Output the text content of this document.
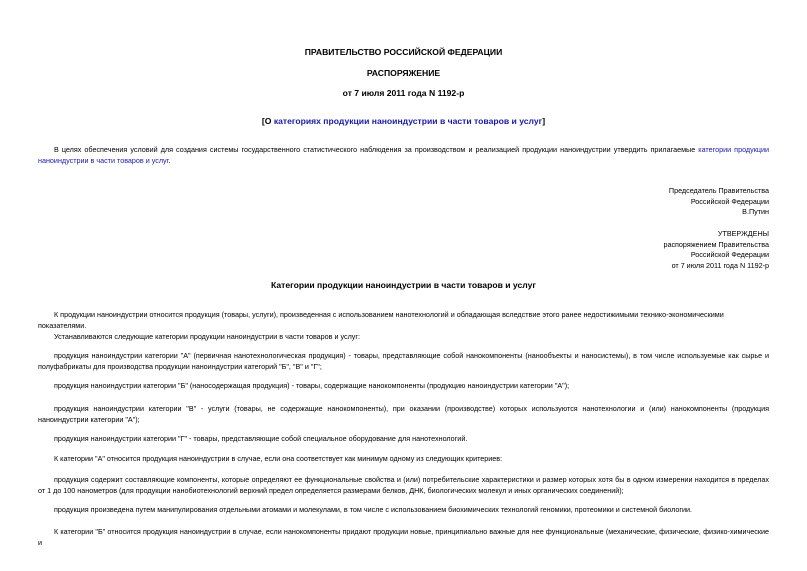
ПРАВИТЕЛЬСТВО РОССИЙСКОЙ ФЕДЕРАЦИИ
РАСПОРЯЖЕНИЕ
от 7 июля 2011 года N 1192-р
[О категориях продукции наноиндустрии в части товаров и услуг]
В целях обеспечения условий для создания системы государственного статистического наблюдения за производством и реализацией продукции наноиндустрии утвердить прилагаемые категории продукции наноиндустрии в части товаров и услуг.
Председатель Правительства
Российской Федерации
В.Путин
УТВЕРЖДЕНЫ
распоряжением Правительства
Российской Федерации
от 7 июля 2011 года N 1192-р
Категории продукции наноиндустрии в части товаров и услуг
К продукции наноиндустрии относится продукция (товары, услуги), произведенная с использованием нанотехнологий и обладающая вследствие этого ранее недостижимыми технико-экономическими показателями.
Устанавливаются следующие категории продукции наноиндустрии в части товаров и услуг:
продукция наноиндустрии категории "А" (первичная нанотехнологическая продукция) - товары, представляющие собой нанокомпоненты (нанообъекты и наносистемы), в том числе используемые как сырье и полуфабрикаты для производства продукции наноиндустрии категорий "Б", "В" и "Г";
продукция наноиндустрии категории "Б" (наносодержащая продукция) - товары, содержащие нанокомпоненты (продукцию наноиндустрии категории "А");
продукция наноиндустрии категории "В" - услуги (товары, не содержащие нанокомпоненты), при оказании (производстве) которых используются нанотехнологии и (или) нанокомпоненты (продукция наноиндустрии категории "А");
продукция наноиндустрии категории "Г" - товары, представляющие собой специальное оборудование для нанотехнологий.
К категории "А" относится продукция наноиндустрии в случае, если она соответствует как минимум одному из следующих критериев:
продукция содержит составляющие компоненты, которые определяют ее функциональные свойства и (или) потребительские характеристики и размер которых хотя бы в одном измерении находится в пределах от 1 до 100 нанометров (для продукции нанобиотехнологий верхний предел определяется размерами белков, ДНК, биологических молекул и иных органических соединений);
продукция произведена путем манипулирования отдельными атомами и молекулами, в том числе с использованием биохимических технологий геномики, протеомики и системной биологии.
К категории "Б" относится продукция наноиндустрии в случае, если нанокомпоненты придают продукции новые, принципиально важные для нее функциональные (механические, физические, физико-химические и
